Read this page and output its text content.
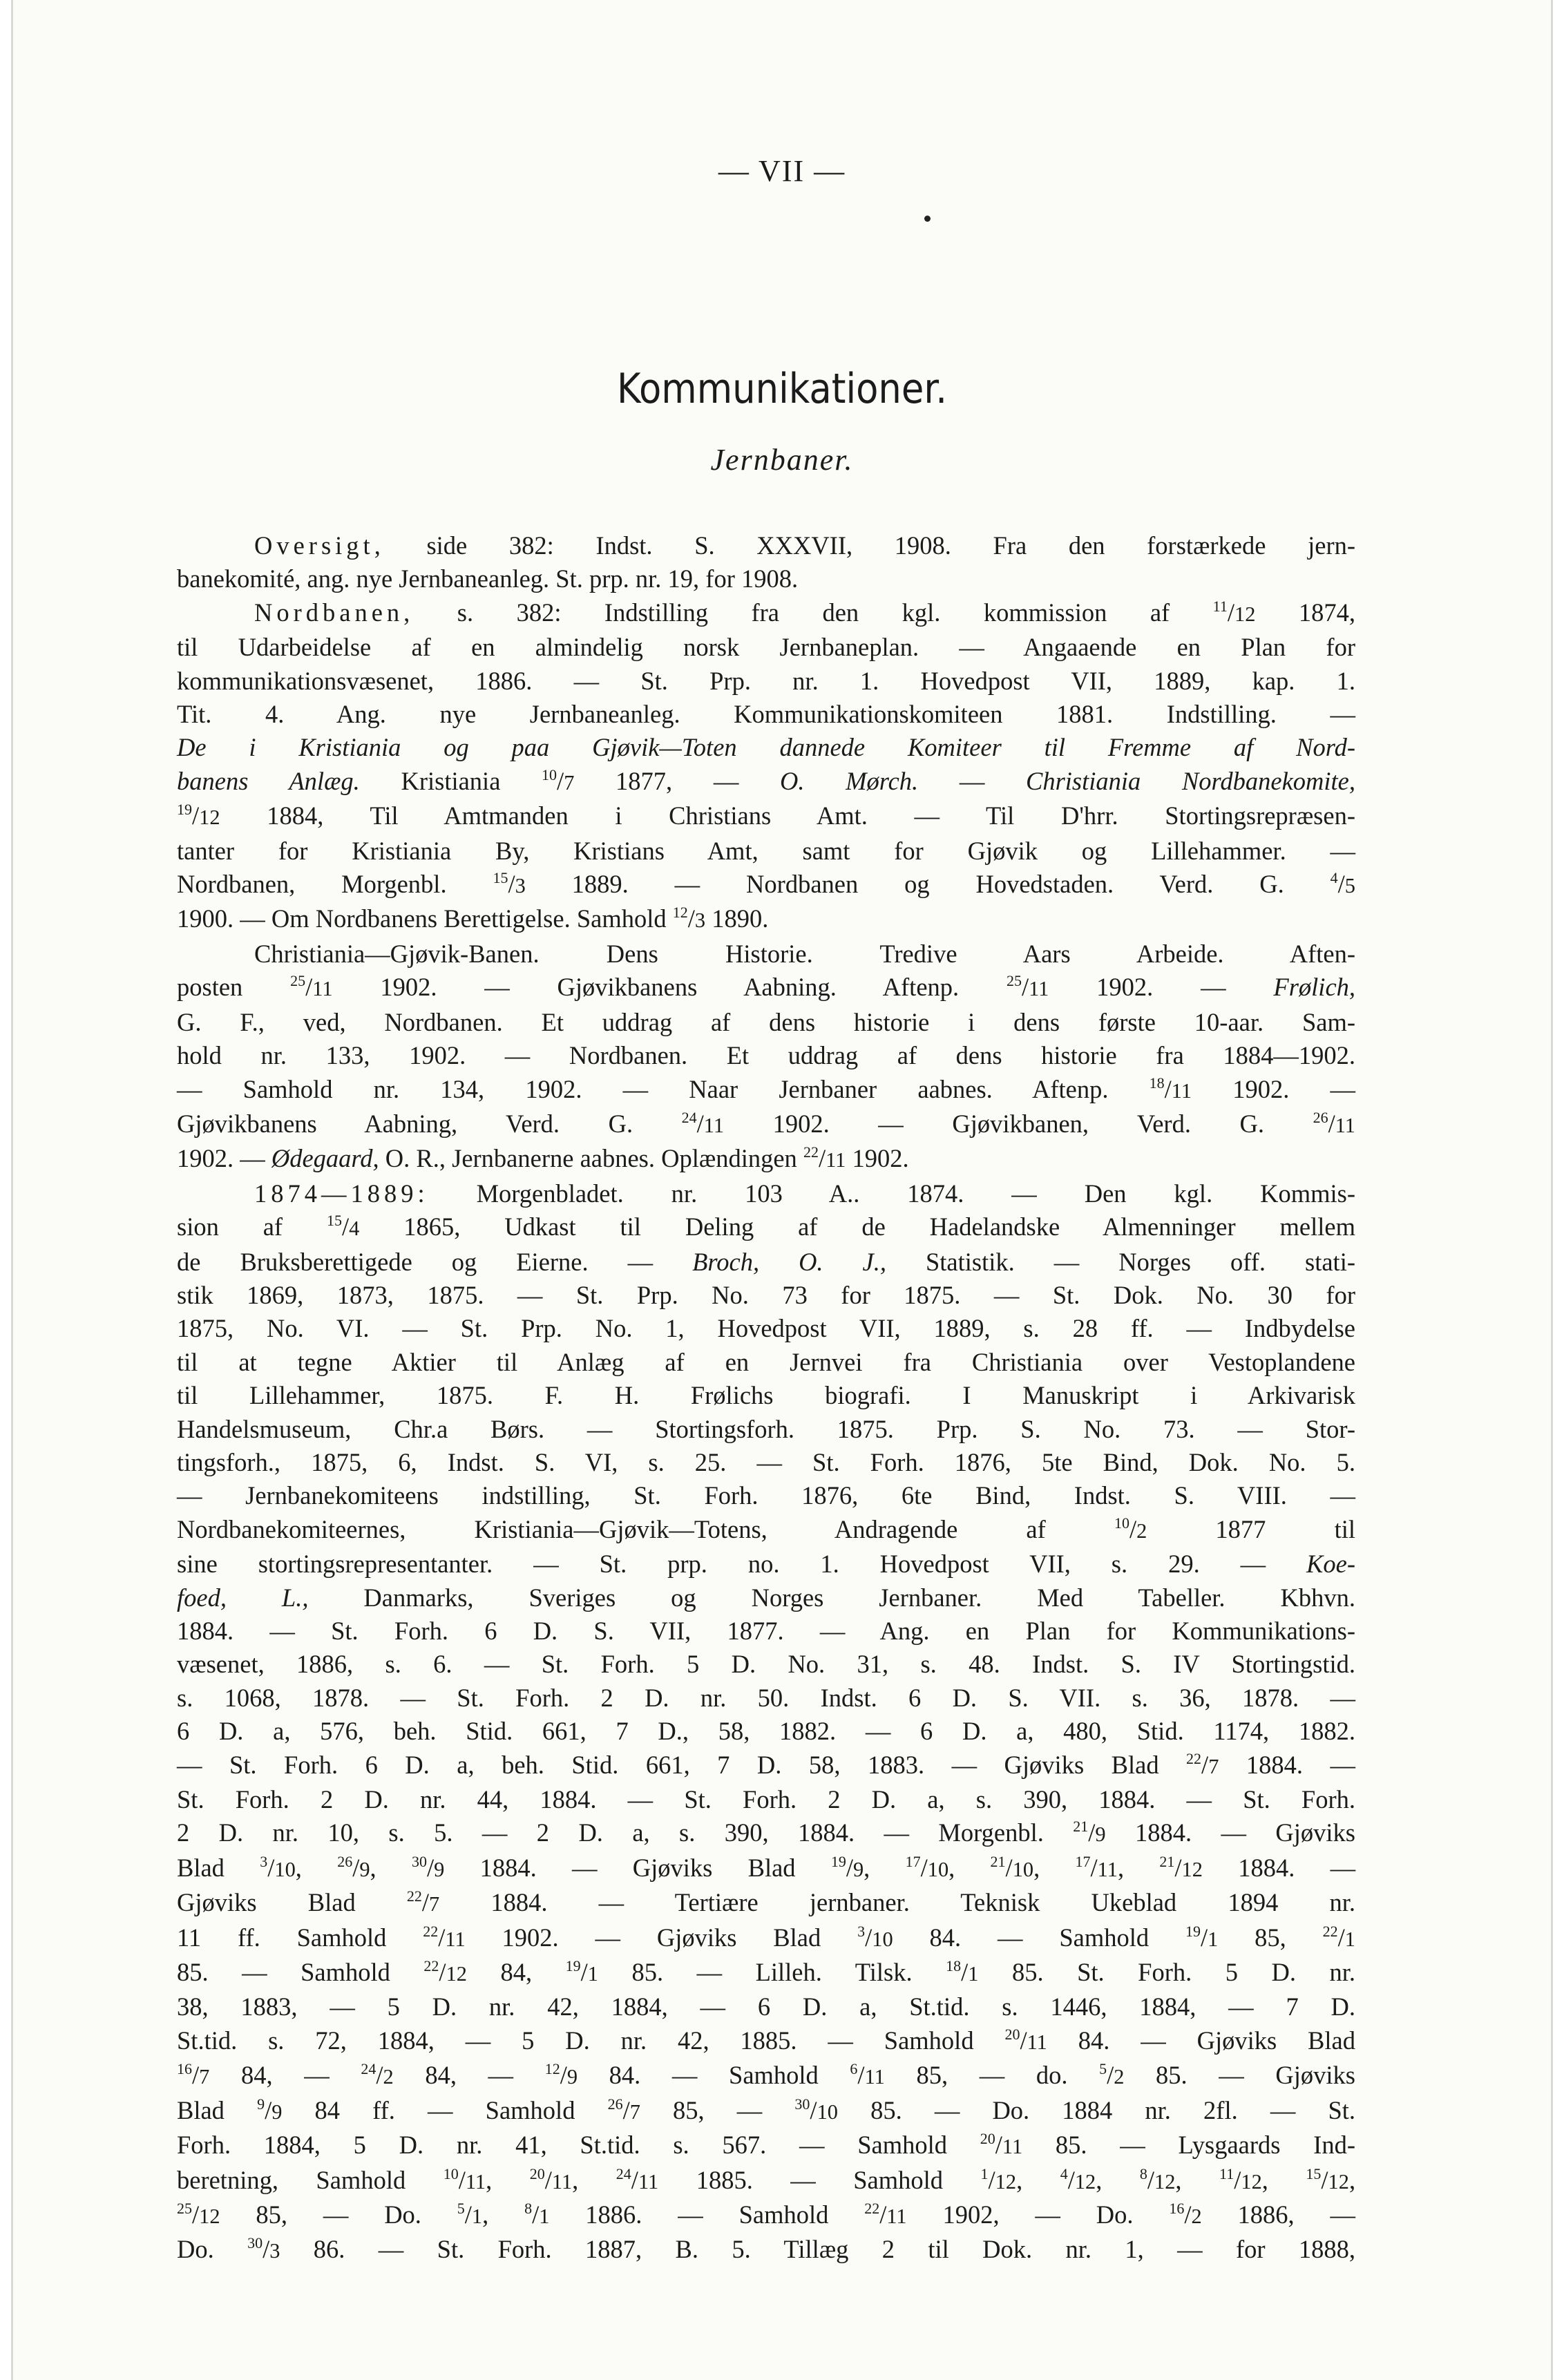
— VII —
Kommunikationer.
Jernbaner.
Oversigt, side 382: Indst. S. XXXVII, 1908. Fra den forstærkede jern-
banekomité, ang. nye Jernbaneanleg. St. prp. nr. 19, for 1908.
Nordbanen, s. 382: Indstilling fra den kgl. kommission af $^{11}$/12 1874,
til Udarbeidelse af en almindelig norsk Jernbaneplan. — Angaaende en Plan for
kommunikationsvæsenet, 1886. — St. Prp. nr. 1. Hovedpost VII, 1889, kap. 1.
Tit. 4. Ang. nye Jernbaneanleg. Kommunikationskomiteen 1881. Indstilling. —
De i Kristiania og paa Gjøvik—Toten dannede Komiteer til Fremme af Nord-
banens Anlæg. Kristiania $^{10}$/7 1877, — O. Mørch. — Christiania Nordbanekomite,
$^{19}$/12 1884, Til Amtmanden i Christians Amt. — Til D'hrr. Stortingsrepræsen-
tanter for Kristiania By, Kristians Amt, samt for Gjøvik og Lillehammer. —
Nordbanen, Morgenbl. $^{15}$/3 1889. — Nordbanen og Hovedstaden. Verd. G. $^4$/5
1900. — Om Nordbanens Berettigelse. Samhold $^{12}$/3 1890.
Christiania—Gjøvik-Banen. Dens Historie. Tredive Aars Arbeide. Aften-
posten $^{25}$/11 1902. — Gjøvikbanens Aabning. Aftenp. $^{25}$/11 1902. — Frølich,
G. F., ved, Nordbanen. Et uddrag af dens historie i dens første 10-aar. Sam-
hold nr. 133, 1902. — Nordbanen. Et uddrag af dens historie fra 1884—1902.
— Samhold nr. 134, 1902. — Naar Jernbaner aabnes. Aftenp. $^{18}$/11 1902. —
Gjøvikbanens Aabning, Verd. G. $^{24}$/11 1902. — Gjøvikbanen, Verd. G. $^{26}$/11
1902. — Ødegaard, O. R., Jernbanerne aabnes. Oplændingen $^{22}$/11 1902.
1874—1889: Morgenbladet. nr. 103 A.. 1874. — Den kgl. Kommis-
sion af $^{15}$/4 1865, Udkast til Deling af de Hadelandske Almenninger mellem
de Bruksberettigede og Eierne. — Broch, O. J., Statistik. — Norges off. stati-
stik 1869, 1873, 1875. — St. Prp. No. 73 for 1875. — St. Dok. No. 30 for
1875, No. VI. — St. Prp. No. 1, Hovedpost VII, 1889, s. 28 ff. — Indbydelse
til at tegne Aktier til Anlæg af en Jernvei fra Christiania over Vestoplandene
til Lillehammer, 1875. F. H. Frølichs biografi. I Manuskript i Arkivarisk
Handelsmuseum, Chr.a Børs. — Stortingsforh. 1875. Prp. S. No. 73. — Stor-
tingsforh., 1875, 6, Indst. S. VI, s. 25. — St. Forh. 1876, 5te Bind, Dok. No. 5.
— Jernbanekomiteens indstilling, St. Forh. 1876, 6te Bind, Indst. S. VIII. —
Nordbanekomiteernes, Kristiania—Gjøvik—Totens, Andragende af $^{10}$/2 1877 til
sine stortingsrepresentanter. — St. prp. no. 1. Hovedpost VII, s. 29. — Koe-
foed, L., Danmarks, Sveriges og Norges Jernbaner. Med Tabeller. Kbhvn.
1884. — St. Forh. 6 D. S. VII, 1877. — Ang. en Plan for Kommunikations-
væsenet, 1886, s. 6. — St. Forh. 5 D. No. 31, s. 48. Indst. S. IV Stortingstid.
s. 1068, 1878. — St. Forh. 2 D. nr. 50. Indst. 6 D. S. VII. s. 36, 1878. —
6 D. a, 576, beh. Stid. 661, 7 D., 58, 1882. — 6 D. a, 480, Stid. 1174, 1882.
— St. Forh. 6 D. a, beh. Stid. 661, 7 D. 58, 1883. — Gjøviks Blad $^{22}$/7 1884. —
St. Forh. 2 D. nr. 44, 1884. — St. Forh. 2 D. a, s. 390, 1884. — St. Forh.
2 D. nr. 10, s. 5. — 2 D. a, s. 390, 1884. — Morgenbl. $^{21}$/9 1884. — Gjøviks
Blad $^3$/10, $^{26}$/9, $^{30}$/9 1884. — Gjøviks Blad $^{19}$/9, $^{17}$/10, $^{21}$/10, $^{17}$/11, $^{21}$/12 1884. —
Gjøviks Blad $^{22}$/7 1884. — Tertiære jernbaner. Teknisk Ukeblad 1894 nr.
11 ff. Samhold $^{22}$/11 1902. — Gjøviks Blad $^3$/10 84. — Samhold $^{19}$/1 85, $^{22}$/1
85. — Samhold $^{22}$/12 84, $^{19}$/1 85. — Lilleh. Tilsk. $^{18}$/1 85. St. Forh. 5 D. nr.
38, 1883, — 5 D. nr. 42, 1884, — 6 D. a, St.tid. s. 1446, 1884, — 7 D.
St.tid. s. 72, 1884, — 5 D. nr. 42, 1885. — Samhold $^{20}$/11 84. — Gjøviks Blad
$^{16}$/7 84, — $^{24}$/2 84, — $^{12}$/9 84. — Samhold $^6$/11 85, — do. $^5$/2 85. — Gjøviks
Blad $^9$/9 84 ff. — Samhold $^{26}$/7 85, — $^{30}$/10 85. — Do. 1884 nr. 2fl. — St.
Forh. 1884, 5 D. nr. 41, St.tid. s. 567. — Samhold $^{20}$/11 85. — Lysgaards Ind-
beretning, Samhold $^{10}$/11, $^{20}$/11, $^{24}$/11 1885. — Samhold $^1$/12, $^4$/12, $^8$/12, $^{11}$/12, $^{15}$/12,
$^{25}$/12 85, — Do. $^5$/1, $^8$/1 1886. — Samhold $^{22}$/11 1902, — Do. $^{16}$/2 1886, —
Do. $^{30}$/3 86. — St. Forh. 1887, B. 5. Tillæg 2 til Dok. nr. 1, — for 1888,
